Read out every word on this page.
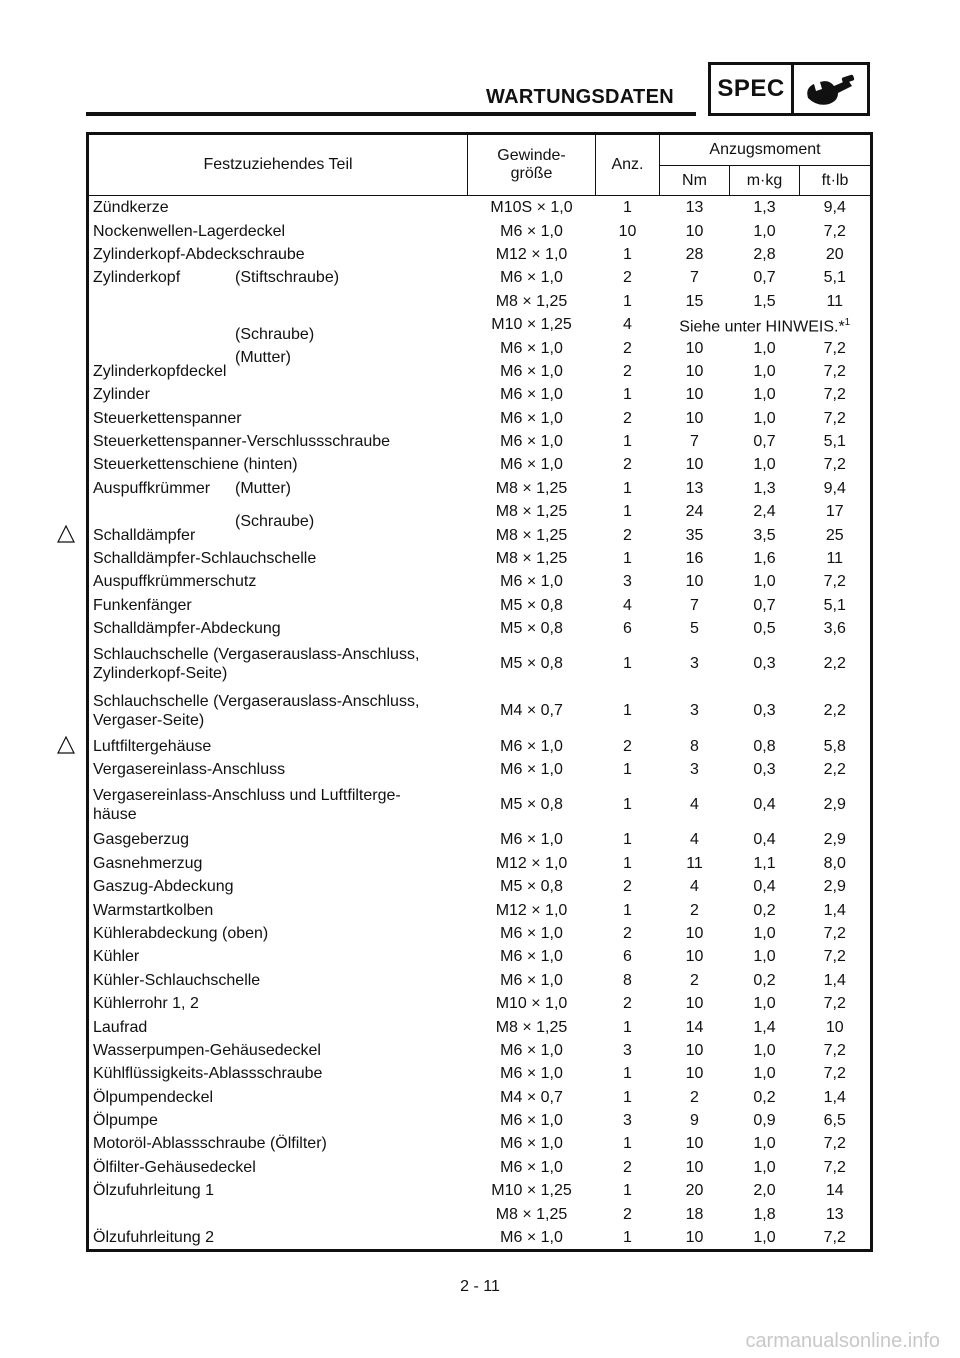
WARTUNGSDATEN	SPEC
Festzuziehendes Teil	Gewinde-
größe	Anz.	Anzugsmoment		
			Nm	m·kg	ft·lb
Zündkerze	M10S × 1,0	1	13	1,3	9,4
Nockenwellen-Lagerdeckel	M6 × 1,0	10	10	1,0	7,2
Zylinderkopf-Abdeckschraube	M12 × 1,0	1	28	2,8	20
Zylinderkopf (Stiftschraube)	M6 × 1,0	2	7	0,7	5,1
	M8 × 1,25	1	15	1,5	11

(Schraube)	M10 × 1,25	4	Siehe unter HINWEIS.*$^1$

(Mutter)	M6 × 1,0	2	10	1,0	7,2
Zylinderkopfdeckel	M6 × 1,0	2	10	1,0	7,2
Zylinder	M6 × 1,0	1	10	1,0	7,2
Steuerkettenspanner	M6 × 1,0	2	10	1,0	7,2
Steuerkettenspanner-Verschlussschraube	M6 × 1,0	1	7	0,7	5,1
Steuerkettenschiene (hinten)	M6 × 1,0	2	10	1,0	7,2
Auspuffkrümmer (Mutter)	M8 × 1,25	1	13	1,3	9,4

(Schraube)	M8 × 1,25	1	24	2,4	17

Schalldämpfer	M8 × 1,25	2	35	3,5	25
Schalldämpfer-Schlauchschelle	M8 × 1,25	1	16	1,6	11
Auspuffkrümmerschutz	M6 × 1,0	3	10	1,0	7,2
Funkenfänger	M5 × 0,8	4	7	0,7	5,1
Schalldämpfer-Abdeckung	M5 × 0,8	6	5	0,5	3,6
Schlauchschelle (Vergaserauslass-Anschluss,
Zylinderkopf-Seite)	M5 × 0,8	1	3	0,3	2,2
Schlauchschelle (Vergaserauslass-Anschluss,
Vergaser-Seite)	M4 × 0,7	1	3	0,3	2,2

Luftfiltergehäuse	M6 × 1,0	2	8	0,8	5,8
Vergasereinlass-Anschluss	M6 × 1,0	1	3	0,3	2,2
Vergasereinlass-Anschluss und Luftfilterge-
häuse	M5 × 0,8	1	4	0,4	2,9
Gasgeberzug	M6 × 1,0	1	4	0,4	2,9
Gasnehmerzug	M12 × 1,0	1	11	1,1	8,0
Gaszug-Abdeckung	M5 × 0,8	2	4	0,4	2,9
Warmstartkolben	M12 × 1,0	1	2	0,2	1,4
Kühlerabdeckung (oben)	M6 × 1,0	2	10	1,0	7,2
Kühler	M6 × 1,0	6	10	1,0	7,2
Kühler-Schlauchschelle	M6 × 1,0	8	2	0,2	1,4
Kühlerrohr 1, 2	M10 × 1,0	2	10	1,0	7,2
Laufrad	M8 × 1,25	1	14	1,4	10
Wasserpumpen-Gehäusedeckel	M6 × 1,0	3	10	1,0	7,2
Kühlflüssigkeits-Ablassschraube	M6 × 1,0	1	10	1,0	7,2
Ölpumpendeckel	M4 × 0,7	1	2	0,2	1,4
Ölpumpe	M6 × 1,0	3	9	0,9	6,5
Motoröl-Ablassschraube (Ölfilter)	M6 × 1,0	1	10	1,0	7,2
Ölfilter-Gehäusedeckel	M6 × 1,0	2	10	1,0	7,2
Ölzufuhrleitung 1	M10 × 1,25	1	20	2,0	14
	M8 × 1,25	2	18	1,8	13
Ölzufuhrleitung 2	M6 × 1,0	1	10	1,0	7,2
2 - 11
carmanualsonline.info
